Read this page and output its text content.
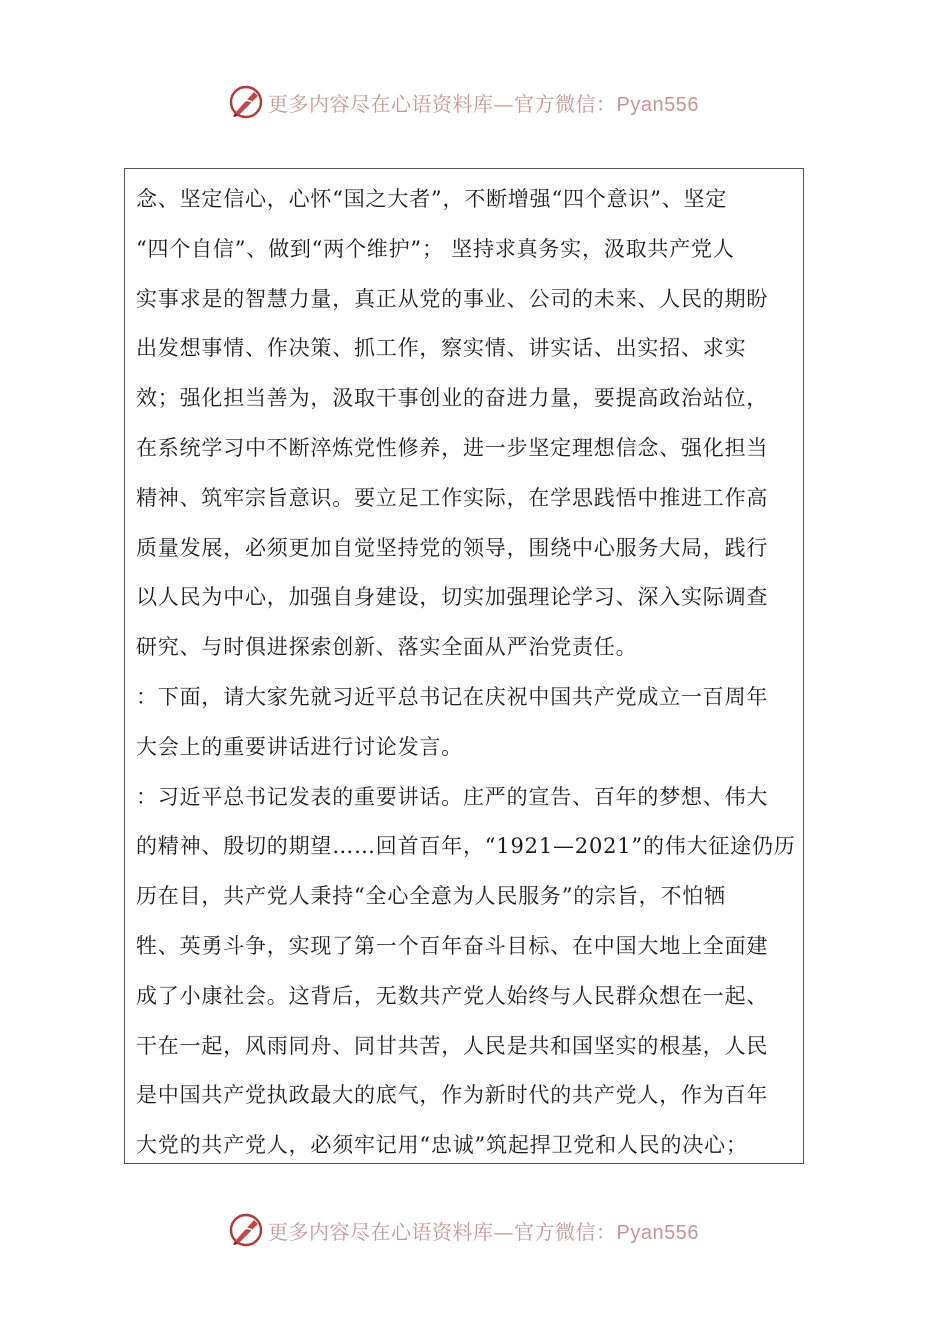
更多内容尽在心语资料库—官方微信：Pyan556
念、坚定信心，心怀“国之大者”，不断增强“四个意识”、坚定
“四个自信”、做到“两个维护”； 坚持求真务实，汲取共产党人
实事求是的智慧力量，真正从党的事业、公司的未来、人民的期盼
出发想事情、作决策、抓工作，察实情、讲实话、出实招、求实
效；强化担当善为，汲取干事创业的奋进力量，要提高政治站位，
在系统学习中不断淬炼党性修养，进一步坚定理想信念、强化担当
精神、筑牢宗旨意识。要立足工作实际，在学思践悟中推进工作高
质量发展，必须更加自觉坚持党的领导，围绕中心服务大局，践行
以人民为中心，加强自身建设，切实加强理论学习、深入实际调查
研究、与时俱进探索创新、落实全面从严治党责任。
：下面，请大家先就习近平总书记在庆祝中国共产党成立一百周年
大会上的重要讲话进行讨论发言。
：习近平总书记发表的重要讲话。庄严的宣告、百年的梦想、伟大
的精神、殷切的期望……回首百年，“1921—2021”的伟大征途仍历
历在目，共产党人秉持“全心全意为人民服务”的宗旨，不怕牺
牲、英勇斗争，实现了第一个百年奋斗目标、在中国大地上全面建
成了小康社会。这背后，无数共产党人始终与人民群众想在一起、
干在一起，风雨同舟、同甘共苦，人民是共和国坚实的根基，人民
是中国共产党执政最大的底气，作为新时代的共产党人，作为百年
大党的共产党人，必须牢记用“忠诚”筑起捍卫党和人民的决心；
更多内容尽在心语资料库—官方微信：Pyan556
